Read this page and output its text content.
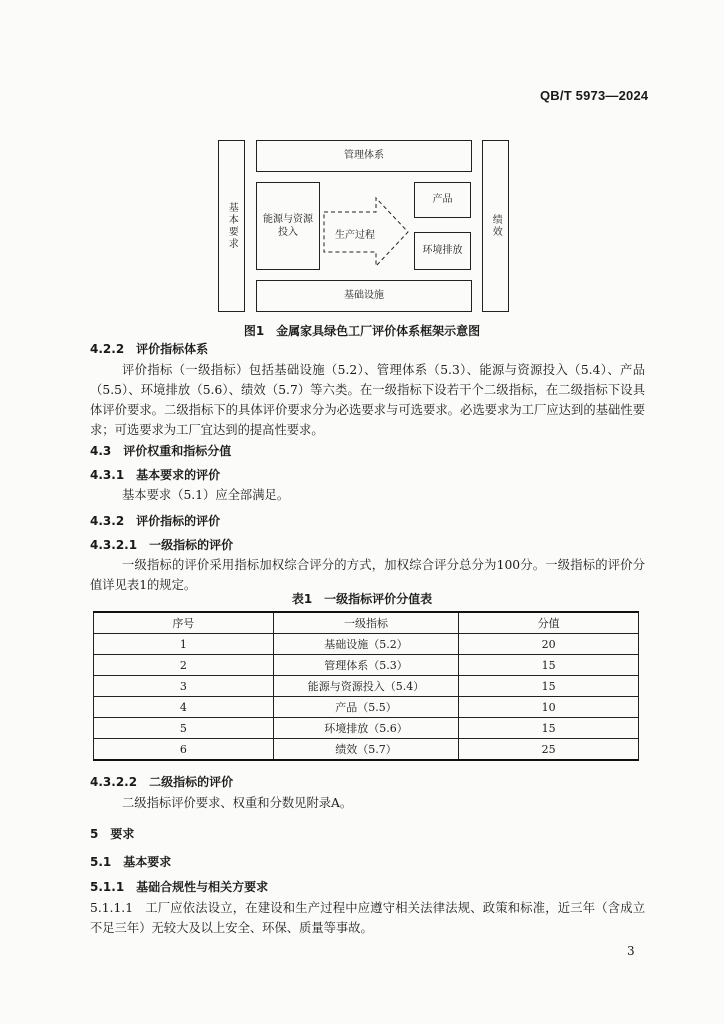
QB/T 5973—2024
管理体系
基本要求	绩效
能源与资源
投入	生产过程
产品
环境排放
基础设施
图1　金属家具绿色工厂评价体系框架示意图
4.2.2 评价指标体系
评价指标（一级指标）包括基础设施（5.2）、管理体系（5.3）、能源与资源投入（5.4）、产品（5.5）、环境排放（5.6）、绩效（5.7）等六类。在一级指标下设若干个二级指标，在二级指标下设具体评价要求。二级指标下的具体评价要求分为必选要求与可选要求。必选要求为工厂应达到的基础性要求；可选要求为工厂宜达到的提高性要求。
4.3 评价权重和指标分值
4.3.1 基本要求的评价
基本要求（5.1）应全部满足。
4.3.2 评价指标的评价
4.3.2.1 一级指标的评价
一级指标的评价采用指标加权综合评分的方式，加权综合评分总分为100分。一级指标的评价分值详见表1的规定。
表1　一级指标评价分值表
序号	一级指标	分值
1	基础设施（5.2）	20
2	管理体系（5.3）	15
3	能源与资源投入（5.4）	15
4	产品（5.5）	10
5	环境排放（5.6）	15
6	绩效（5.7）	25
4.3.2.2 二级指标的评价
二级指标评价要求、权重和分数见附录A。
5 要求
5.1 基本要求
5.1.1 基础合规性与相关方要求
5.1.1.1 工厂应依法设立，在建设和生产过程中应遵守相关法律法规、政策和标准，近三年（含成立不足三年）无较大及以上安全、环保、质量等事故。
3
